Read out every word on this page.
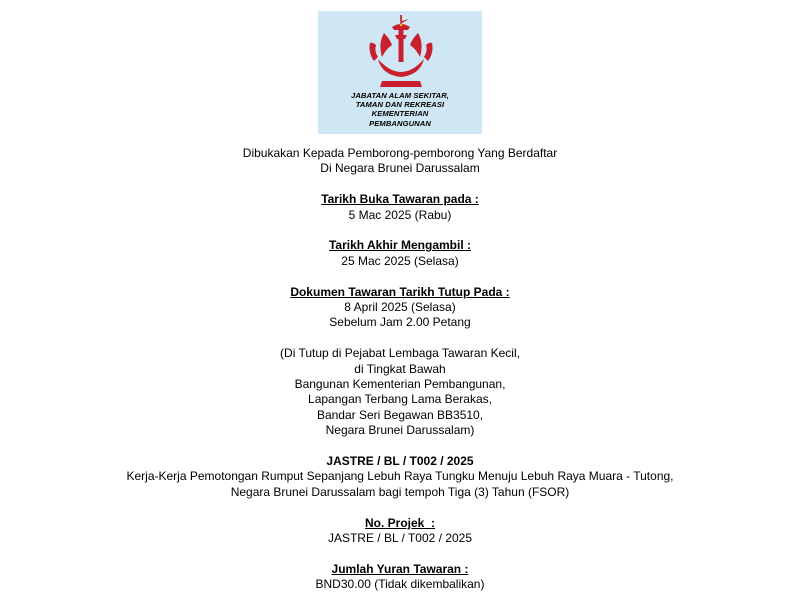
JABATAN ALAM SEKITAR,
TAMAN DAN REKREASI
KEMENTERIAN
PEMBANGUNAN
Dibukakan Kepada Pemborong-pemborong Yang Berdaftar
Di Negara Brunei Darussalam
Tarikh Buka Tawaran pada :
5 Mac 2025 (Rabu)
Tarikh Akhir Mengambil :
25 Mac 2025 (Selasa)
Dokumen Tawaran Tarikh Tutup Pada :
8 April 2025 (Selasa)
Sebelum Jam 2.00 Petang
(Di Tutup di Pejabat Lembaga Tawaran Kecil,
di Tingkat Bawah
Bangunan Kementerian Pembangunan,
Lapangan Terbang Lama Berakas,
Bandar Seri Begawan BB3510,
Negara Brunei Darussalam)
JASTRE / BL / T002 / 2025
Kerja-Kerja Pemotongan Rumput Sepanjang Lebuh Raya Tungku Menuju Lebuh Raya Muara - Tutong,
Negara Brunei Darussalam bagi tempoh Tiga (3) Tahun (FSOR)
No. Projek  :
JASTRE / BL / T002 / 2025
Jumlah Yuran Tawaran :
BND30.00 (Tidak dikembalikan)
